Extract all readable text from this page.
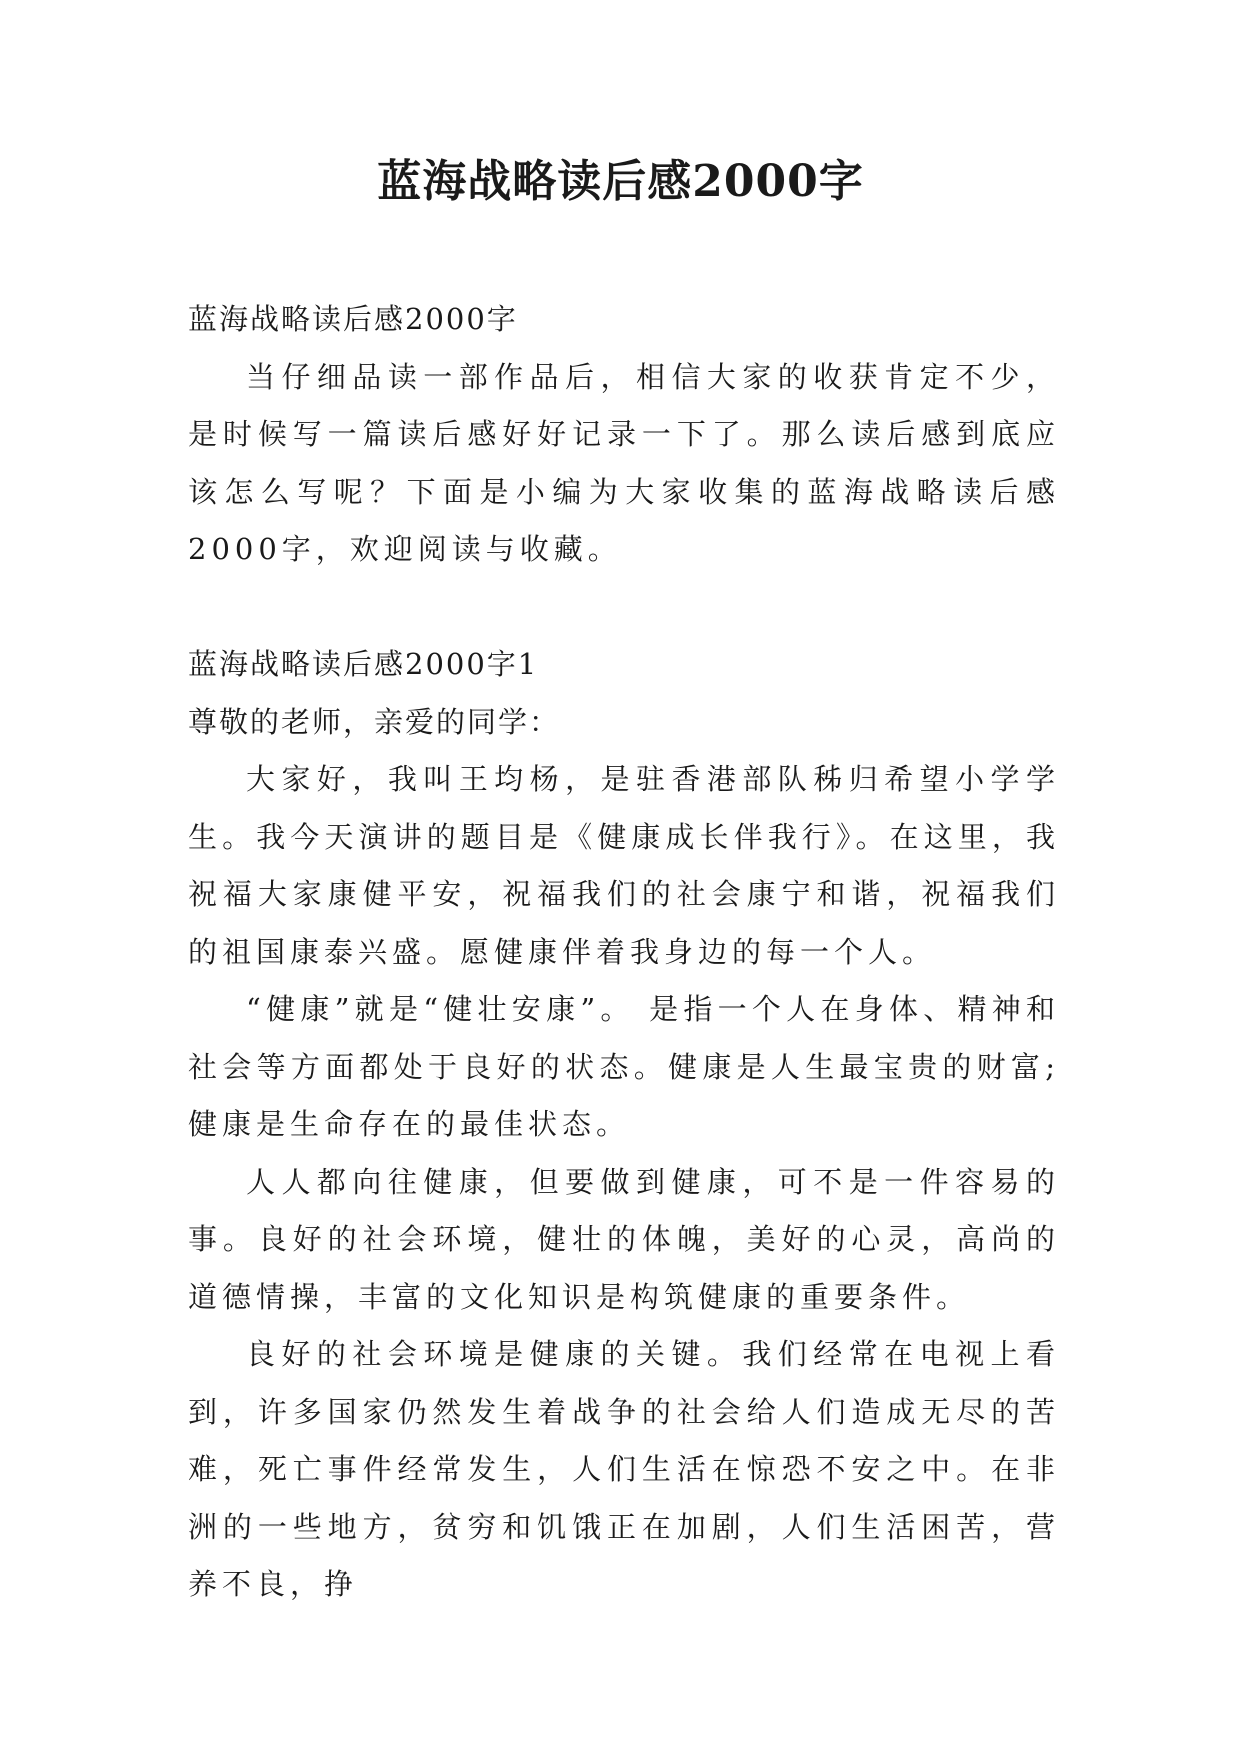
蓝海战略读后感2000字

蓝海战略读后感2000字

当仔细品读一部作品后，相信大家的收获肯定不少，是时候写一篇读后感好好记录一下了。那么读后感到底应该怎么写呢？下面是小编为大家收集的蓝海战略读后感2000字，欢迎阅读与收藏。

蓝海战略读后感2000字1

尊敬的老师，亲爱的同学：

大家好，我叫王均杨，是驻香港部队秭归希望小学学生。我今天演讲的题目是《健康成长伴我行》。在这里，我祝福大家康健平安，祝福我们的社会康宁和谐，祝福我们的祖国康泰兴盛。愿健康伴着我身边的每一个人。

“健康”就是“健壮安康”。 是指一个人在身体、精神和社会等方面都处于良好的状态。健康是人生最宝贵的财富;健康是生命存在的最佳状态。

人人都向往健康，但要做到健康，可不是一件容易的事。良好的社会环境，健壮的体魄，美好的心灵，高尚的道德情操，丰富的文化知识是构筑健康的重要条件。

良好的社会环境是健康的关键。我们经常在电视上看到，许多国家仍然发生着战争的社会给人们造成无尽的苦难，死亡事件经常发生，人们生活在惊恐不安之中。在非洲的一些地方，贫穷和饥饿正在加剧，人们生活困苦，营养不良，挣
